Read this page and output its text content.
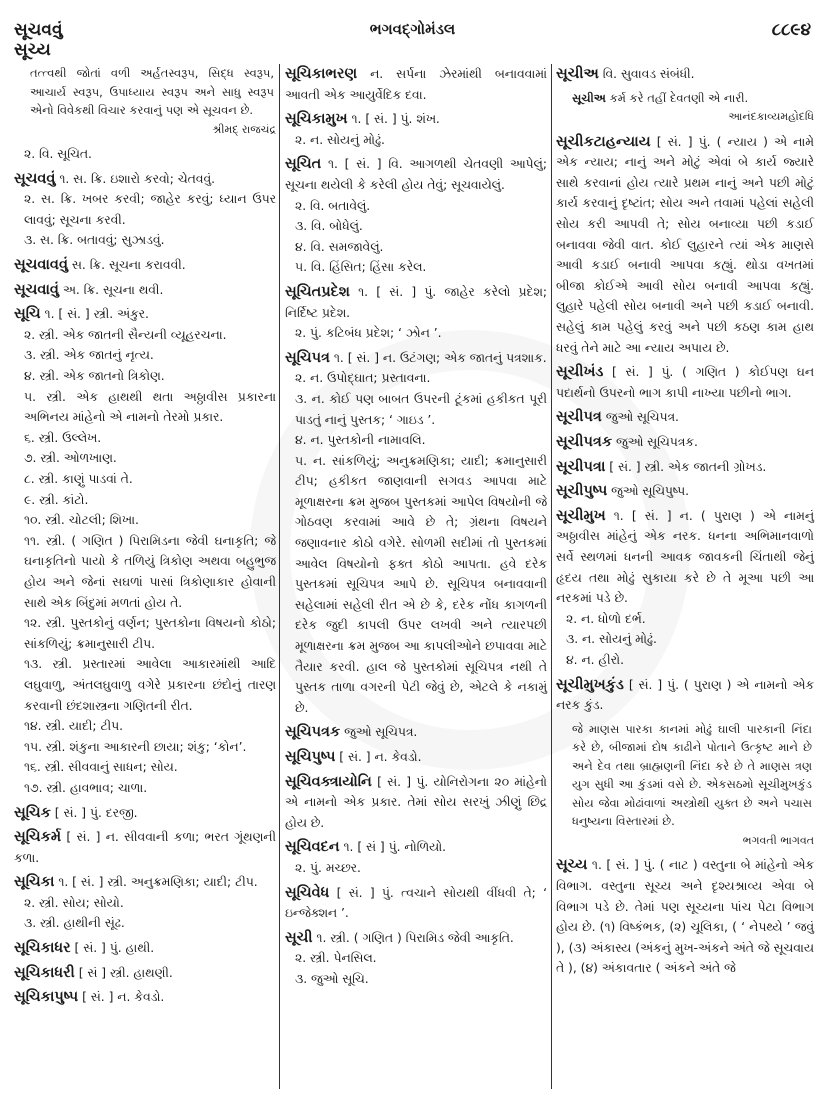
સૂચવવું
સૂચ્ય
ભગવદ્‌ગોમંડલ	૮૮૯૪
તત્ત્વથી જોતાં વળી અર્હતસ્વરૂપ, સિદ્ધ સ્વરૂપ, આચાર્ય સ્વરૂપ, ઉપાધ્યાય સ્વરૂપ અને સાધુ સ્વરૂપ એનો વિવેકથી વિચાર કરવાનું પણ એ સૂચવન છે.
શ્રીમદ્ રાજચંદ્ર
૨. વિ. સૂચિત.
સૂચવવું ૧. સ. ક્રિ. ઇશારો કરવો; ચેતવવું.
૨. સ. ક્રિ. ખબર કરવી; જાહેર કરવું; ધ્યાન ઉપર લાવવું; સૂચના કરવી.
૩. સ. ક્રિ. બતાવવું; સુઝાડવું.
સૂચવાવવું સ. ક્રિ. સૂચના કરાવવી.
સૂચવાવું અ. ક્રિ. સૂચના થવી.
સૂચિ ૧. [ સં. ] સ્ત્રી. અંકુર.
૨. સ્ત્રી. એક જાતની સૈન્યની વ્યૂહરચના.
૩. સ્ત્રી. એક જાતનું નૃત્ય.
૪. સ્ત્રી. એક જાતનો ત્રિકોણ.
૫. સ્ત્રી. એક હાથથી થતા અઠ્ઠાવીસ પ્રકારના અભિનય માંહેનો એ નામનો તેરમો પ્રકાર.
૬. સ્ત્રી. ઉલ્લેખ.
૭. સ્ત્રી. ઓળખાણ.
૮. સ્ત્રી. કાણું પાડવાં તે.
૯. સ્ત્રી. કાંટો.
૧૦. સ્ત્રી. ચોટલી; શિખા.
૧૧. સ્ત્રી. ( ગણિત ) પિરામિડના જેવી ઘનાકૃતિ; જે ઘનાકૃતિનો પાયો કે તળિયું ત્રિકોણ અથવા બહુભુજ હોય અને જેનાં સઘળાં પાસાં ત્રિકોણાકાર હોવાની સાથે એક બિંદુમાં મળતાં હોય તે.
૧૨. સ્ત્રી. પુસ્તકોનું વર્ણન; પુસ્તકોના વિષયનો કોઠો; સાંકળિયું; ક્રમાનુસારી ટીપ.
૧૩. સ્ત્રી. પ્રસ્તારમાં આવેલા આકારમાંથી આદિ લઘુવાળુ, અંતલઘુવાળુ વગેરે પ્રકારના છંદોનું તારણ કરવાની છંદશાસ્ત્રના ગણિતની રીત.
૧૪. સ્ત્રી. યાદી; ટીપ.
૧૫. સ્ત્રી. શંકુના આકારની છાયા; શંકુ; ‘કોન’.
૧૬. સ્ત્રી. સીવવાનું સાધન; સોય.
૧૭. સ્ત્રી. હાવભાવ; ચાળા.
સૂચિક [ સં. ] પું. દરજી.
સૂચિકર્મ [ સં. ] ન. સીવવાની કળા; ભરત ગૂંથણની કળા.
સૂચિકા ૧. [ સં. ] સ્ત્રી. અનુક્રમણિકા; યાદી; ટીપ.
૨. સ્ત્રી. સોય; સોયો.
૩. સ્ત્રી. હાથીની સૂંઢ.
સૂચિકાધર [ સં. ] પું. હાથી.
સૂચિકાધરી [ સં ] સ્ત્રી. હાથણી.
સૂચિકાપુષ્પ [ સં. ] ન. કેવડો.
સૂચિકાભરણ ન. સર્પના ઝેરમાંથી બનાવવામાં આવતી એક આયુર્વેદિક દવા.
સૂચિકામુખ ૧. [ સં. ] પું. શંખ.
૨. ન. સોયનું મોઢું.
સૂચિત ૧. [ સં. ] વિ. આગળથી ચેતવણી આપેલું; સૂચના થયેલી કે કરેલી હોય તેવું; સૂચવાયેલું.
૨. વિ. બતાવેલું.
૩. વિ. બોધેલું.
૪. વિ. સમજાવેલું.
૫. વિ. હિંસિત; હિંસા કરેલ.
સૂચિતપ્રદેશ ૧. [ સં. ] પું. જાહેર કરેલો પ્રદેશ; નિર્દિષ્ટ પ્રદેશ.
૨. પું. કટિબંધ પ્રદેશ; ‘ ઝોન ’.
સૂચિપત્ર ૧. [ સં. ] ન. ઉટંગણ; એક જાતનું પત્રશાક.
૨. ન. ઉપોદ્‌ઘાત; પ્રસ્તાવના.
૩. ન. કોઈ પણ બાબત ઉપરની ટૂંકમાં હકીકત પૂરી પાડતું નાનું પુસ્તક; ‘ ગાઇડ ’.
૪. ન. પુસ્તકોની નામાવલિ.
૫. ન. સાંકળિયું; અનુક્રમણિકા; યાદી; ક્રમાનુસારી ટીપ; હકીકત જાણવાની સગવડ આપવા માટે મૂળાક્ષરના ક્રમ મુજબ પુસ્તકમાં આપેલ વિષયોની જે ગોઠવણ કરવામાં આવે છે તે; ગ્રંથના વિષયને જણાવનાર કોઠો વગેરે. સોળમી સદીમાં તો પુસ્તકમાં આવેલ વિષયોનો ફક્ત કોઠો આપતા. હવે દરેક પુસ્તકમાં સૂચિપત્ર આપે છે. સૂચિપત્ર બનાવવાની સહેલામાં સહેલી રીત એ છે કે, દરેક નોંધ કાગળની દરેક જુદી કાપલી ઉપર લખવી અને ત્યારપછી મૂળાક્ષરના ક્રમ મુજબ આ કાપલીઓને છપાવવા માટે તૈયાર કરવી. હાલ જે પુસ્તકોમાં સૂચિપત્ર નથી તે પુસ્તક તાળા વગરની પેટી જેવું છે, એટલે કે નકામું છે.
સૂચિપત્રક જુઓ સૂચિપત્ર.
સૂચિપુષ્પ [ સં. ] ન. કેવડો.
સૂચિવક્ત્રાયોનિ [ સં. ] પું. યોનિરોગના ૨૦ માંહેનો એ નામનો એક પ્રકાર. તેમાં સોય સરખું ઝીણું છિદ્ર હોય છે.
સૂચિવદન ૧. [ સં ] પું. નોળિયો.
૨. પું. મચ્છર.
સૂચિવેધ [ સં. ] પું. ત્વચાને સોયથી વીંધવી તે; ‘ ઇન્જેક્શન ’.
સૂચી ૧. સ્ત્રી. ( ગણિત ) પિરામિડ જેવી આકૃતિ.
૨. સ્ત્રી. પેનસિલ.
૩. જુઓ સૂચિ.
સૂચીઅ વિ. સુવાવડ સંબંધી.
સૂચીઅ કર્મ કરે તહીં દેવતણી એ નારી.
આનંદકાવ્યમહોદધિ
સૂચીકટાહન્યાય [ સં. ] પું. ( ન્યાય ) એ નામે એક ન્યાય; નાનું અને મોટું એવાં બે કાર્ય જ્યારે સાથે કરવાનાં હોય ત્યારે પ્રથમ નાનું અને પછી મોટું કાર્ય કરવાનું દૃષ્ટાંત; સોય અને તવામાં પહેલાં સહેલી સોય કરી આપવી તે; સોય બનાવ્યા પછી કડાઈ બનાવવા જેવી વાત. કોઈ લુહારને ત્યાં એક માણસે આવી કડાઈ બનાવી આપવા કહ્યું. થોડા વખતમાં બીજા કોઈએ આવી સોય બનાવી આપવા કહ્યું. લુહારે પહેલી સોય બનાવી અને પછી કડાઈ બનાવી. સહેલું કામ પહેલું કરવું અને પછી કઠણ કામ હાથ ધરવું તેને માટે આ ન્યાય અપાય છે.
સૂચીખંડ [ સં. ] પું. ( ગણિત ) કોઈપણ ઘન પદાર્થનો ઉપરનો ભાગ કાપી નાખ્યા પછીનો ભાગ.
સૂચીપત્ર જુઓ સૂચિપત્ર.
સૂચીપત્રક જુઓ સૂચિપત્રક.
સૂચીપત્રા [ સં. ] સ્ત્રી. એક જાતની ગ્રોખડ.
સૂચીપુષ્પ જુઓ સૂચિપુષ્પ.
સૂચીમુખ ૧. [ સં. ] ન. ( પુરાણ ) એ નામનું અઠ્ઠાવીસ માંહેનું એક નરક. ધનના અભિમાનવાળો સર્વે સ્થળમાં ધનની આવક જાવકની ચિંતાથી જેનું હૃદય તથા મોઢું સુકાયા કરે છે તે મૂઆ પછી આ નરકમાં પડે છે.
૨. ન. ધોળો દર્ભ.
૩. ન. સોયનું મોઢું.
૪. ન. હીરો.
સૂચીમુખકુંડ [ સં. ] પું. ( પુરાણ ) એ નામનો એક નરક કુંડ.
જે માણસ પારકા કાનમાં મોઢું ઘાલી પારકાની નિંદા કરે છે, બીજામાં દોષ કાઢીને પોતાને ઉત્કૃષ્ટ માને છે અને દેવ તથા બ્રાહ્મણની નિંદા કરે છે તે માણસ ત્રણ યુગ સુધી આ કુંડમાં વસે છે. એકસઠમો સૂચીમુખકુંડ સોય જેવા મોઢાંવાળાં અસ્ત્રોથી યુક્ત છે અને પચાસ ધનુષ્યના વિસ્તારમાં છે.
ભગવતી ભાગવત
સૂચ્ય ૧. [ સં. ] પું. ( નાટ ) વસ્તુના બે માંહેનો એક વિભાગ. વસ્તુના સૂચ્ય અને દૃશ્યશ્રાવ્ય એવા બે વિભાગ પડે છે. તેમાં પણ સૂચ્યના પાંચ પેટા વિભાગ હોય છે. (૧) વિષ્કંભક, (૨) ચૂલિકા, ( ‘ નેપથ્યે ’ જવું ), (૩) અંકાસ્ય (અંકનું મુખ-અંકને અંતે જે સૂચવાય તે ), (૪) અંકાવતાર ( અંકને અંતે જે
